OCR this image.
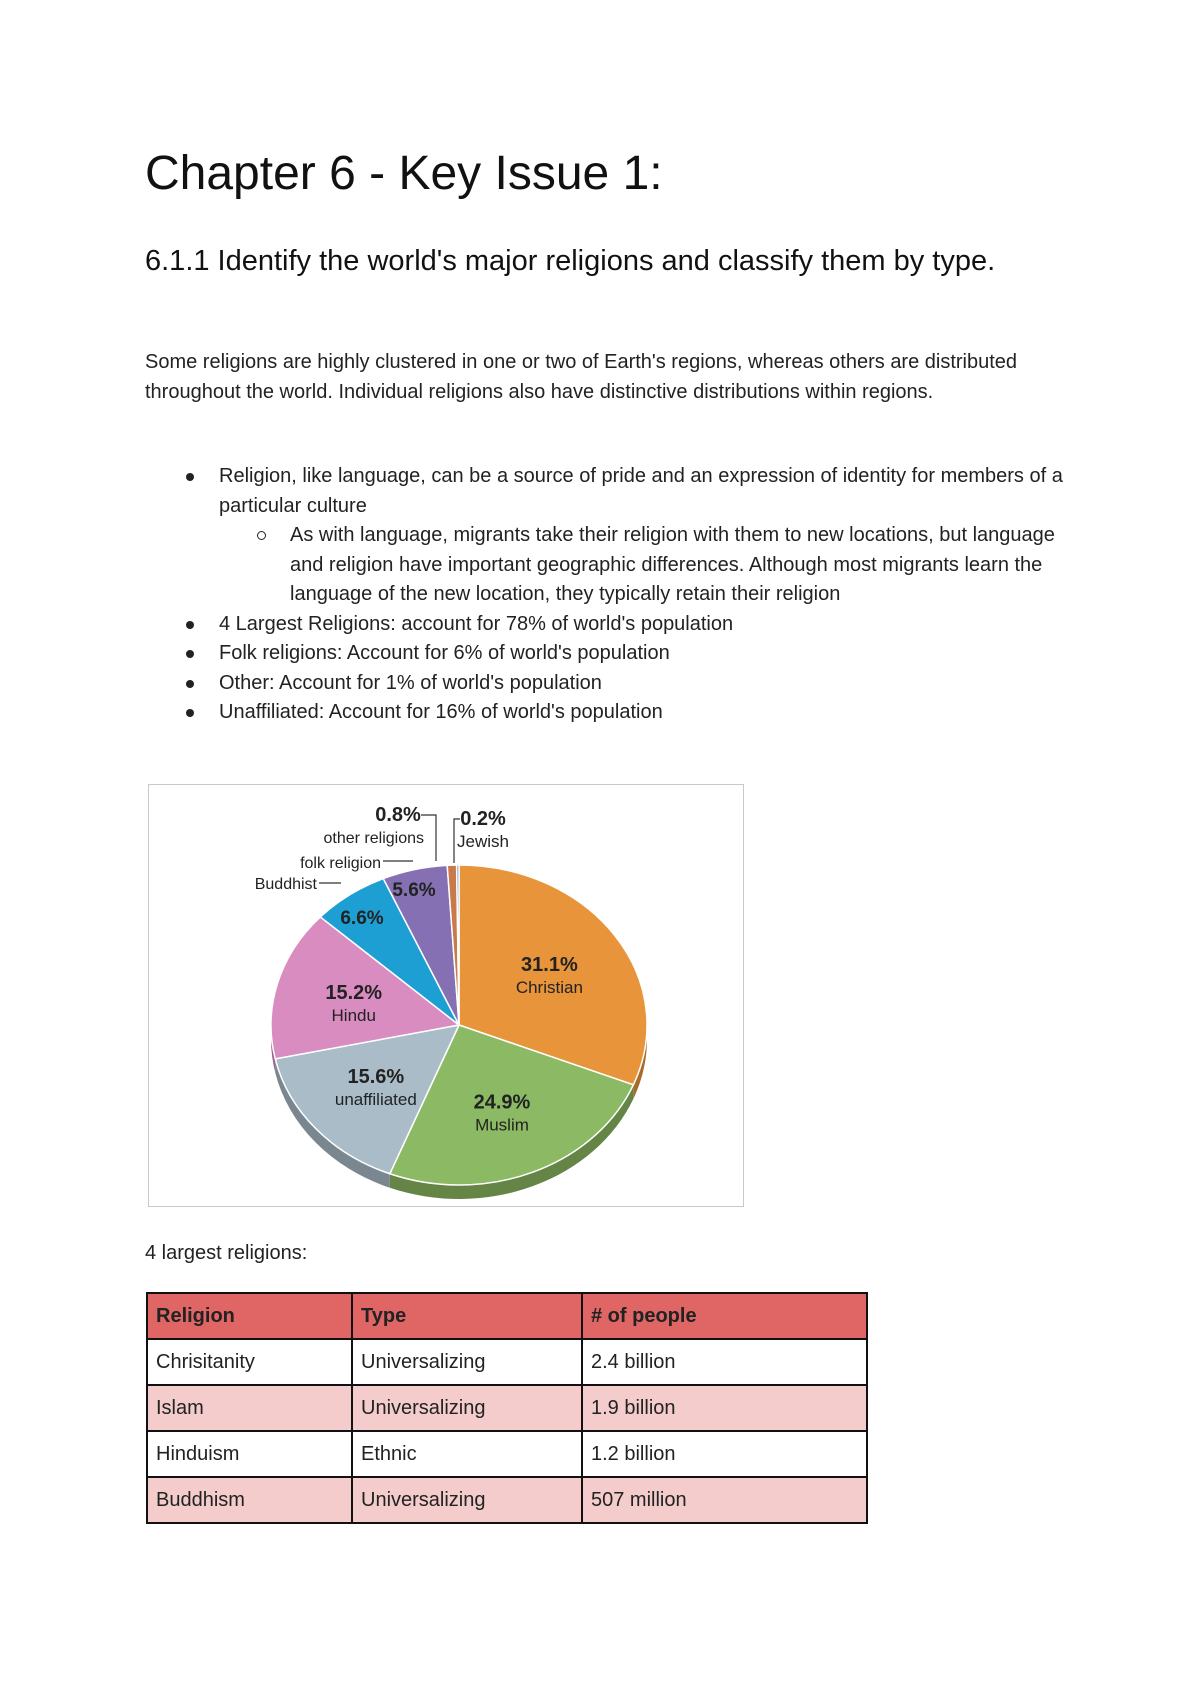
Chapter 6 - Key Issue 1:
6.1.1 Identify the world's major religions and classify them by type.

Some religions are highly clustered in one or two of Earth's regions, whereas others are distributed throughout the world. Individual religions also have distinctive distributions within regions.

Religion, like language, can be a source of pride and an expression of identity for members of a particular culture
As with language, migrants take their religion with them to new locations, but language and religion have important geographic differences. Although most migrants learn the language of the new location, they typically retain their religion
4 Largest Religions: account for 78% of world's population
Folk religions: Account for 6% of world's population
Other: Account for 1% of world's population
Unaffiliated: Account for 16% of world's population
31.1%
Christian
24.9%
Muslim
15.6%
unaffiliated
15.2%
Hindu
6.6%
Buddhist	5.6%
folk religion
0.8%
other religions
0.2%
Jewish
4 largest religions:
Religion	Type	# of people
Chrisitanity	Universalizing	2.4 billion
Islam	Universalizing	1.9 billion
Hinduism	Ethnic	1.2 billion
Buddhism	Universalizing	507 million
